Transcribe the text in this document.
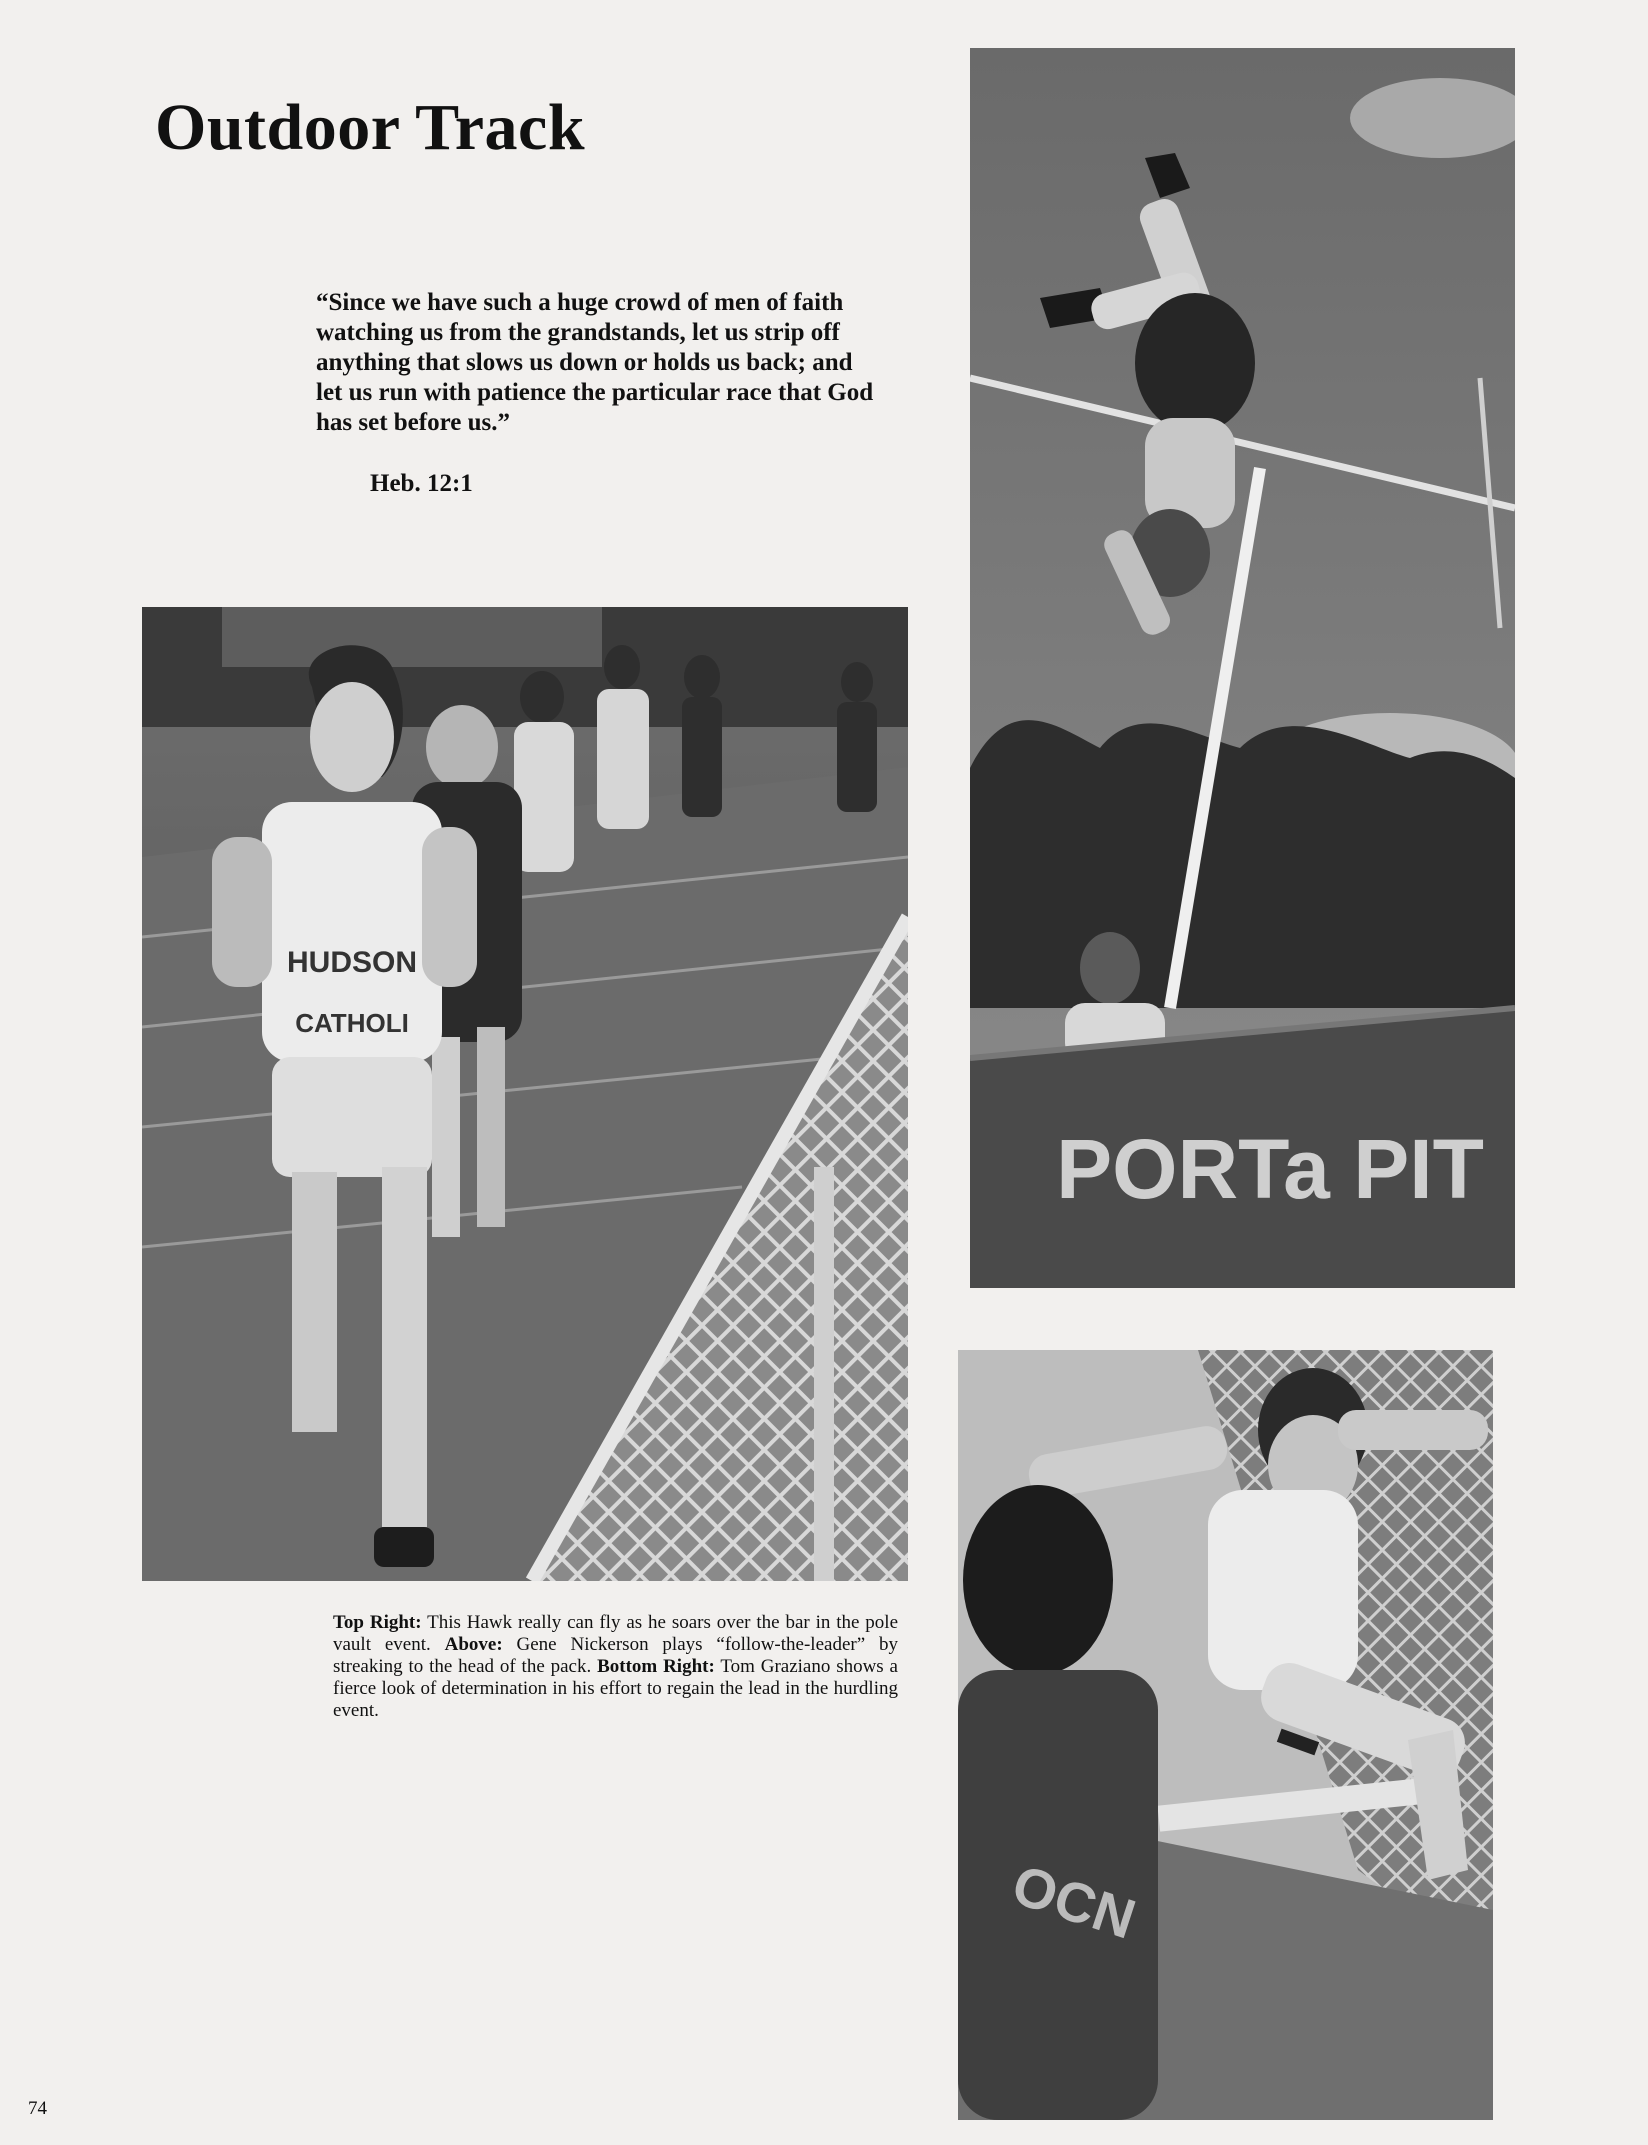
Outdoor Track

“Since we have such a huge crowd of men of faith watching us from the grandstands, let us strip off anything that slows us down or holds us back; and let us run with patience the particular race that God has set before us.”

Heb. 12:1

HUDSON
CATHOLI
PORTa PIT
OCN

Top Right: This Hawk really can fly as he soars over the bar in the pole vault event. Above: Gene Nickerson plays “follow-the-leader” by streaking to the head of the pack. Bottom Right: Tom Graziano shows a fierce look of determination in his effort to regain the lead in the hurdling event.

74
